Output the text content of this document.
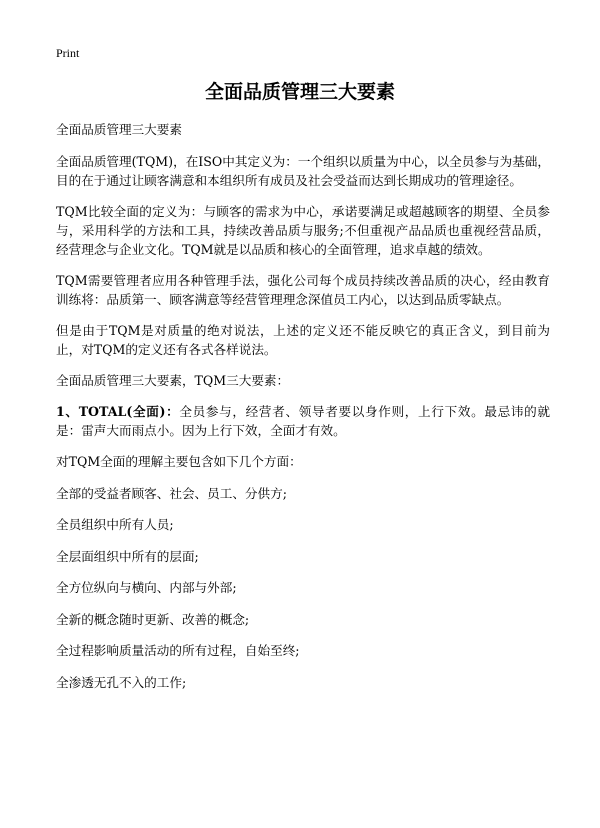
Print
全面品质管理三大要素

全面品质管理三大要素

全面品质管理(TQM)，在ISO中其定义为：一个组织以质量为中心，以全员参与为基础，目的在于通过让顾客满意和本组织所有成员及社会受益而达到长期成功的管理途径。

TQM比较全面的定义为：与顾客的需求为中心，承诺要满足或超越顾客的期望、全员参与，采用科学的方法和工具，持续改善品质与服务;不但重视产品品质也重视经营品质，经营理念与企业文化。TQM就是以品质和核心的全面管理，追求卓越的绩效。

TQM需要管理者应用各种管理手法，强化公司每个成员持续改善品质的决心，经由教育训练将：品质第一、顾客满意等经营管理理念深值员工内心，以达到品质零缺点。

但是由于TQM是对质量的绝对说法，上述的定义还不能反映它的真正含义，到目前为止，对TQM的定义还有各式各样说法。

全面品质管理三大要素，TQM三大要素：

1、TOTAL(全面)：全员参与，经营者、领导者要以身作则，上行下效。最忌讳的就是：雷声大而雨点小。因为上行下效，全面才有效。

对TQM全面的理解主要包含如下几个方面：

全部的受益者顾客、社会、员工、分供方;

全员组织中所有人员;

全层面组织中所有的层面;

全方位纵向与横向、内部与外部;

全新的概念随时更新、改善的概念;

全过程影响质量活动的所有过程，自始至终;

全渗透无孔不入的工作;
